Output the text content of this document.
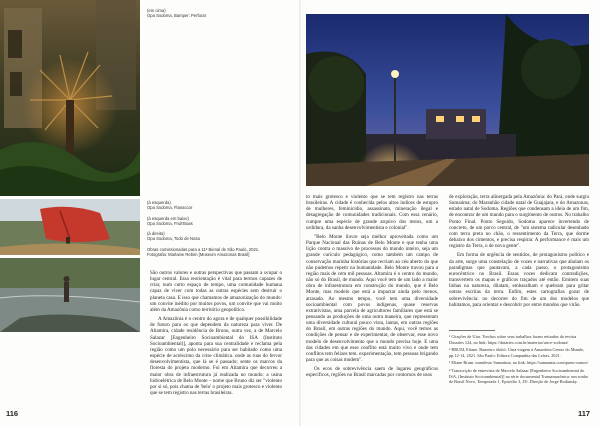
(em cima)
Opa Sodoma, Bamper: Perfurar
(à esquerda)
Opa Sodoma, Flanaccor
(à esquerda em baixo)
Opa Sodoma, Fruit'Boas
(à direita)
Opa Sodoma, Todo de Nosa
Obras comissionadas para a 11ª Bienal de São Paulo, 2021. Fotografia: Marlaine Rebim [Museum Amazonas Brasil]

São outros valores e outras perspectivas que passam a ocupar o lugar central. Essa reorientação é vital para termos capazes de criar, num curto espaço de tempo, uma comunidade humana capaz de viver com todas as outras espécies sem destruir o planeta casa. E isso que chamamos de amazonização do mundo: um convite inédito por muitos povos, um convite que vai muito além da Amazônia como território geopolítico.

A Amazônia é o centro do agora e de qualquer possibilidade de futuro para os que dependem da natureza para viver. De Altamira, cidade residência de Bruno, outra vez, a de Marcelo Salazar [Engenheiro Socioambiental do ISA (Instituto Socioambiental)], aponta para sua centralidade e reclama pela região como um polo necessário para ser habitado como uma espécie de acréscimo da crise climática. onde as ruas do fervor desenvolvimentista, que lá se é passado; sente os marcos da floresta do projeto moderno. Foi em Altamira que decorreu a maior obra de infraestrutura já realizada no mundo: a usina hidroelétrica de Belo Monte – nome que Bruno diz ser "violento por si só, pois chama de 'belo' o projeto mais grotesco e violento que se tem registro nas terras brasileiras.

to mais grotesco e violento que se tem registro nas terras brasileiras. A cidade é conhecida pelos altos índices de estupro de mulheres, feminicídio, assassinato, mineração ilegal e desagregação de comunidades tradicionais. Com essa cenário, cumpre uma espécie de grande arquivo dos restos, um a urdidura, da sanha desenvolvimentista e colonial".

"Belo Monte iluvre seja melhor aproveitada como um Parque Nacional das Ruínas de Belo Monte e que tenha uma lição contra o massivo de processos do mundo inteiro, seja um grande curículo pedagógico, como também um campo de conservação marinha histórias que recriam ao céu aberto do que não pudemos repetir na humanidade. Belo Monte travou para a região mais de cem mil pessoas. Altamira é o centro do mundo, não só do Brasil, de mundo. Aqui você tem de um lado a maior obra de infraestrutura em construção do mundo, que é Belo Monte, mas modelo que está a impactar ainda pelo menos, atrasado. Ao mesmo tempo, você tem uma diversidade socioambiental com povos indígenas, quase reservas extrativistas, uma parcela de agricultores familiares que está se pensando as produções de uma outra maneira, que representam uma diversidade cultural pouco vista, lantas, em outras regiões do Brasil, em outras regiões do mundo. Aqui, você temos as condições de pensar e de experimentar, de observar, esse novo modelo de desenvolvimento que o mundo precisa hoje. E uma das cidades em que esse conflito está muito vivo e onde tem conflitos tem felizes tem. experimentação, tem pessoas brigando para que as coisas mudem".

Os ecos de sobrevivência saem de lugares geográficos específicos, regiões no Brasil marcadas por contornos de usos

de exploração, terra alinergada pela Amazônia: do Pará, onde surgiu Sumaúma; do Maranhão cidade natal de Guajajara, e do Amazonas, estado natal de Sodoma. Regiões que condensam a ideia de um fim, de encontrar de um mundo para o surgimento de outros. No trabalho Ponto Final. Ponto Seguido, Sodoma aparece invertendo de concreto, de um porco central, de "um sistema radicular desenhado com terra preta no chão, o ressentimento da Terra, que dorme debaixo dos cimentos, e precisa respirar. A performance é mais um registro da Terra, o de nova gente".

Em forma de urgência de sentidos, de protagonismo político e da arte, surge uma constelação de vozes e narrativas que abalam os paradigmas que pautavam, a cada passo, o protagonismo eurocêntrico no Brasil. Essas vozes dedicam contradições, transvertem os mapas e gráficos traçados até então. Emitem suas linhas na natureza, dilatam, embaralham e quebram para gritar outras escritas da terra. Enfim, estes cartografias gozar de sobrevivência: no decorrer do fim de um dos modelos que habitamos, para orientar e descobrir por entre mundos que virão.

¹ Citações de Uira. Trechos sobre seus trabalhos foram retiradas da revista Dasartes 124, no link: https://dasartes.com.br/materias/uirce-sodoma/

² BRUM, Eliane. Banzeiro òkòtó: Uma viagem à Amazônia Centro do Mundo, pp.12-14, 2021. São Paulo: Editora Companhia das Letras, 2021.

³ Eliane Brum. manifesto Sumaúma, no link: https://sumauma.com/quem-somos/

⁴ Transcrição de entrevista de Marcelo Salazar [Engenheiro Socioambiental do ISA, (Instituto Socioambiental)] na série documental Transamazônica: um sonho de Brasil Novo, Temporada 1, Episódio 3, 4'0. Direção de Jorge Bodansky.

116	117
